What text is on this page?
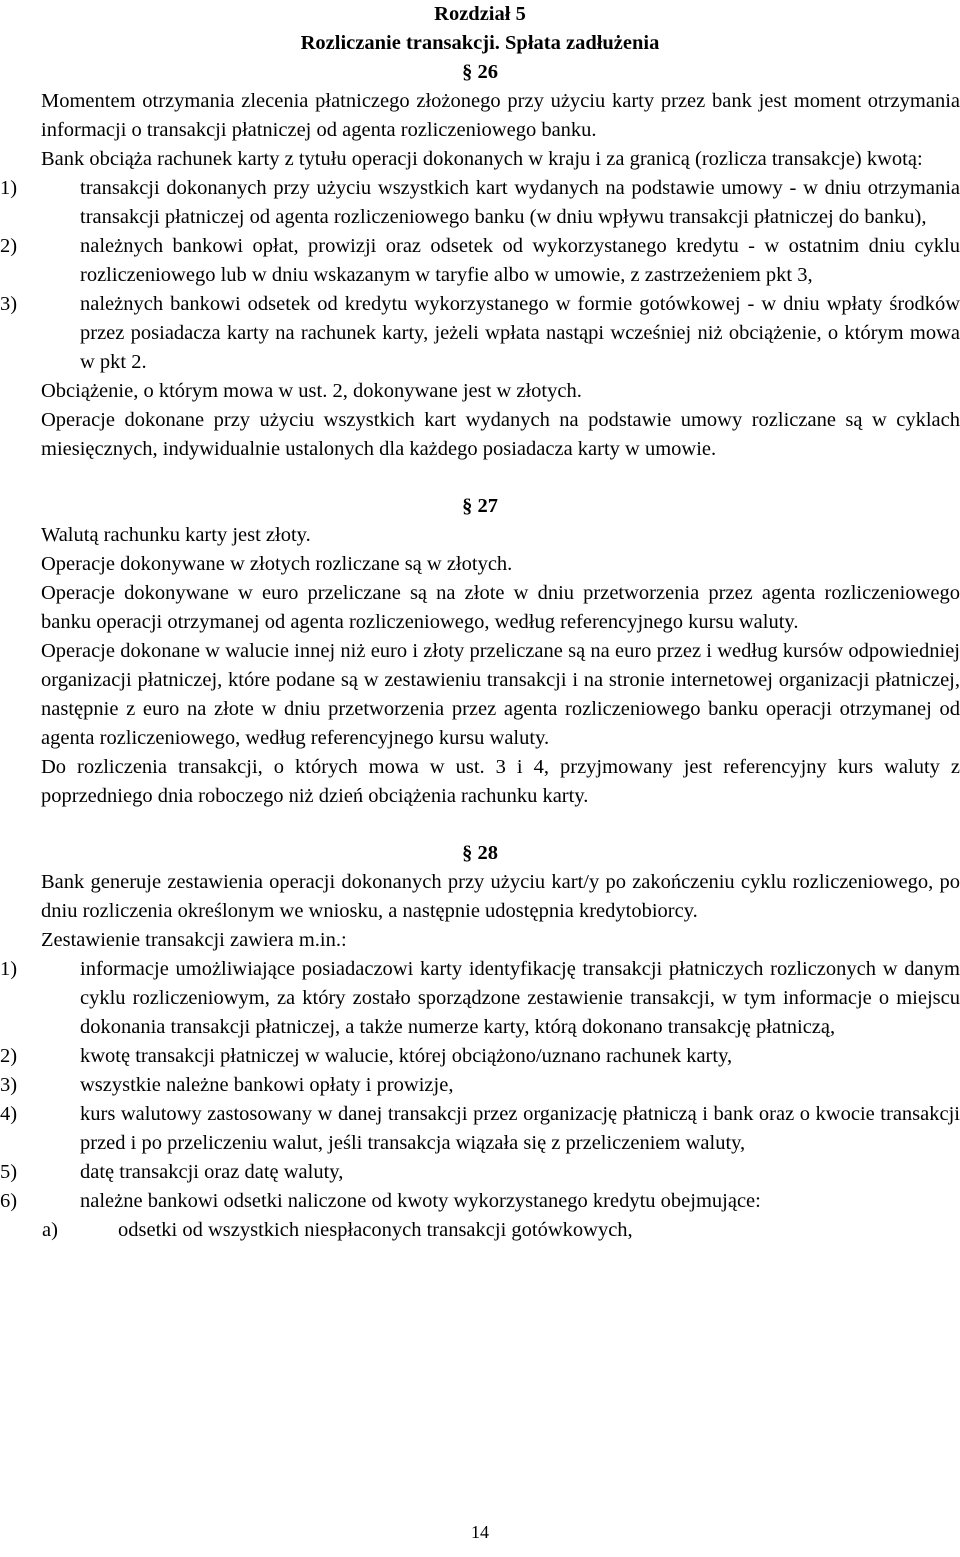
Rozdział 5
Rozliczanie transakcji. Spłata zadłużenia
§ 26
Momentem otrzymania zlecenia płatniczego złożonego przy użyciu karty przez bank jest moment otrzymania informacji o transakcji płatniczej od agenta rozliczeniowego banku.
Bank obciąża rachunek karty z tytułu operacji dokonanych w kraju i za granicą (rozlicza transakcje) kwotą:
1)	transakcji dokonanych przy użyciu wszystkich kart wydanych na podstawie umowy - w dniu otrzymania transakcji płatniczej od agenta rozliczeniowego banku (w dniu wpływu transakcji płatniczej do banku),
2)	należnych bankowi opłat, prowizji oraz odsetek od wykorzystanego kredytu - w ostatnim dniu cyklu rozliczeniowego lub w dniu wskazanym w taryfie albo w umowie, z zastrzeżeniem pkt 3,
3)	należnych bankowi odsetek od kredytu wykorzystanego w formie gotówkowej - w dniu wpłaty środków przez posiadacza karty na rachunek karty, jeżeli wpłata nastąpi wcześniej niż obciążenie, o którym mowa w pkt 2.
Obciążenie, o którym mowa w ust. 2, dokonywane jest w złotych.
Operacje dokonane przy użyciu wszystkich kart wydanych na podstawie umowy rozliczane są w cyklach miesięcznych, indywidualnie ustalonych dla każdego posiadacza karty w umowie.
§ 27
Walutą rachunku karty jest złoty.
Operacje dokonywane w złotych rozliczane są w złotych.
Operacje dokonywane w euro przeliczane są na złote w dniu przetworzenia przez agenta rozliczeniowego banku operacji otrzymanej od agenta rozliczeniowego, według referencyjnego kursu waluty.
Operacje dokonane w walucie innej niż euro i złoty przeliczane są na euro przez i według kursów odpowiedniej organizacji płatniczej, które podane są w zestawieniu transakcji i na stronie internetowej organizacji płatniczej, następnie z euro na złote w dniu przetworzenia przez agenta rozliczeniowego banku operacji otrzymanej od agenta rozliczeniowego, według referencyjnego kursu waluty.
Do rozliczenia transakcji, o których mowa w ust. 3 i 4, przyjmowany jest referencyjny kurs waluty z poprzedniego dnia roboczego niż dzień obciążenia rachunku karty.
§ 28
Bank generuje zestawienia operacji dokonanych przy użyciu kart/y po zakończeniu cyklu rozliczeniowego, po dniu rozliczenia określonym we wniosku, a następnie udostępnia kredytobiorcy.
Zestawienie transakcji zawiera m.in.:
1)	informacje umożliwiające posiadaczowi karty identyfikację transakcji płatniczych rozliczonych w danym cyklu rozliczeniowym, za który zostało sporządzone zestawienie transakcji, w tym informacje o miejscu dokonania transakcji płatniczej, a także numerze karty, którą dokonano transakcję płatniczą,
2)	kwotę transakcji płatniczej w walucie, której obciążono/uznano rachunek karty,
3)	wszystkie należne bankowi opłaty i prowizje,
4)	kurs walutowy zastosowany w danej transakcji przez organizację płatniczą i bank oraz o kwocie transakcji przed i po przeliczeniu walut, jeśli transakcja wiązała się z przeliczeniem waluty,
5)	datę transakcji oraz datę waluty,
6)	należne bankowi odsetki naliczone od kwoty wykorzystanego kredytu obejmujące:
a)	odsetki od wszystkich niespłaconych transakcji gotówkowych,
14
